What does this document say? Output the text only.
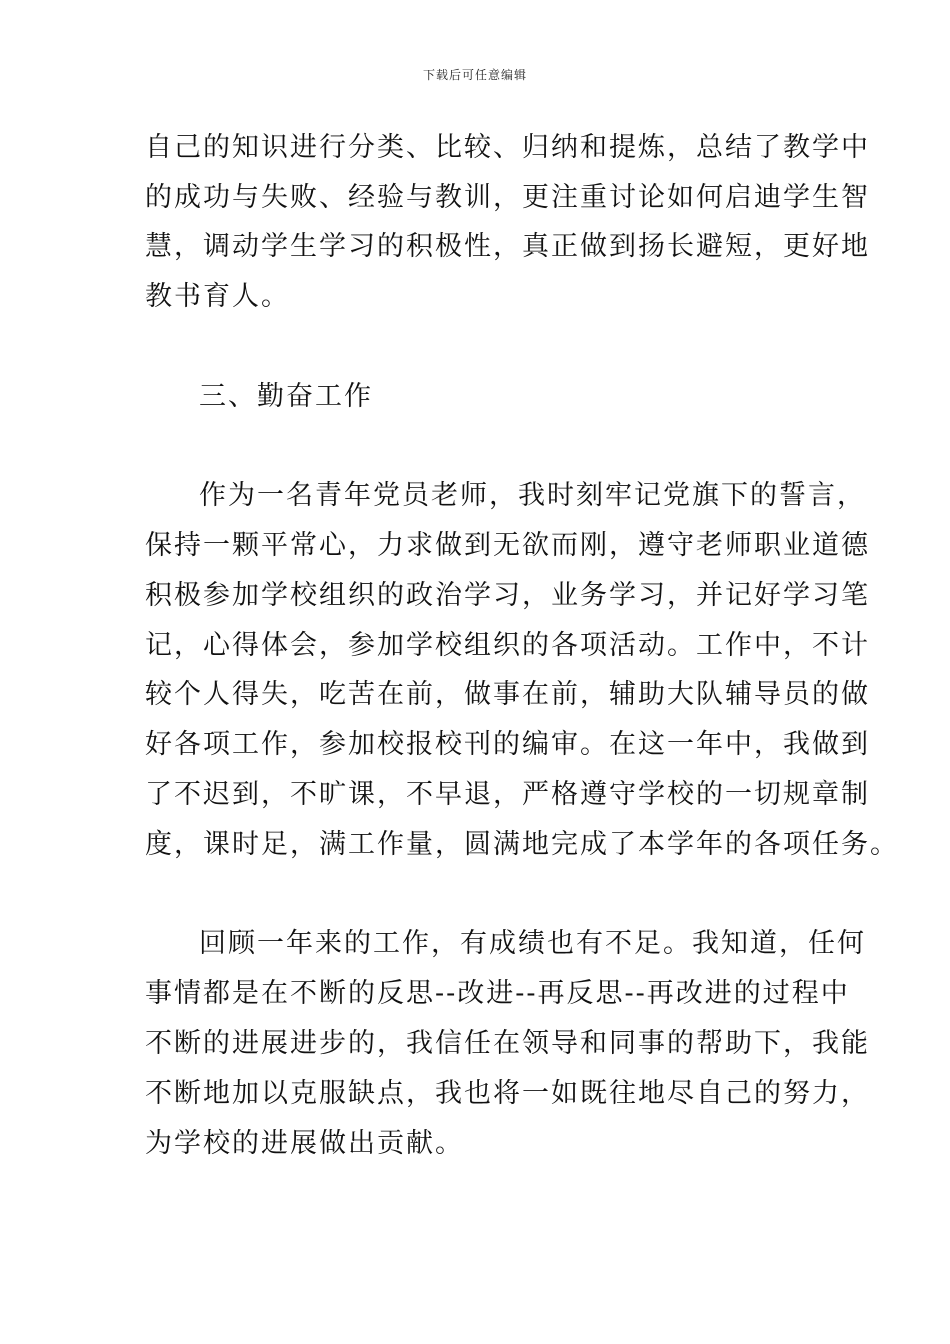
下载后可任意编辑
自己的知识进行分类、比较、归纳和提炼，总结了教学中
的成功与失败、经验与教训，更注重讨论如何启迪学生智
慧，调动学生学习的积极性，真正做到扬长避短，更好地
教书育人。
三、勤奋工作
作为一名青年党员老师，我时刻牢记党旗下的誓言，
保持一颗平常心，力求做到无欲而刚，遵守老师职业道德
积极参加学校组织的政治学习，业务学习，并记好学习笔
记，心得体会，参加学校组织的各项活动。工作中，不计
较个人得失，吃苦在前，做事在前，辅助大队辅导员的做
好各项工作，参加校报校刊的编审。在这一年中，我做到
了不迟到，不旷课，不早退，严格遵守学校的一切规章制
度，课时足，满工作量，圆满地完成了本学年的各项任务。
回顾一年来的工作，有成绩也有不足。我知道，任何
事情都是在不断的反思--改进--再反思--再改进的过程中
不断的进展进步的，我信任在领导和同事的帮助下，我能
不断地加以克服缺点，我也将一如既往地尽自己的努力，
为学校的进展做出贡献。
